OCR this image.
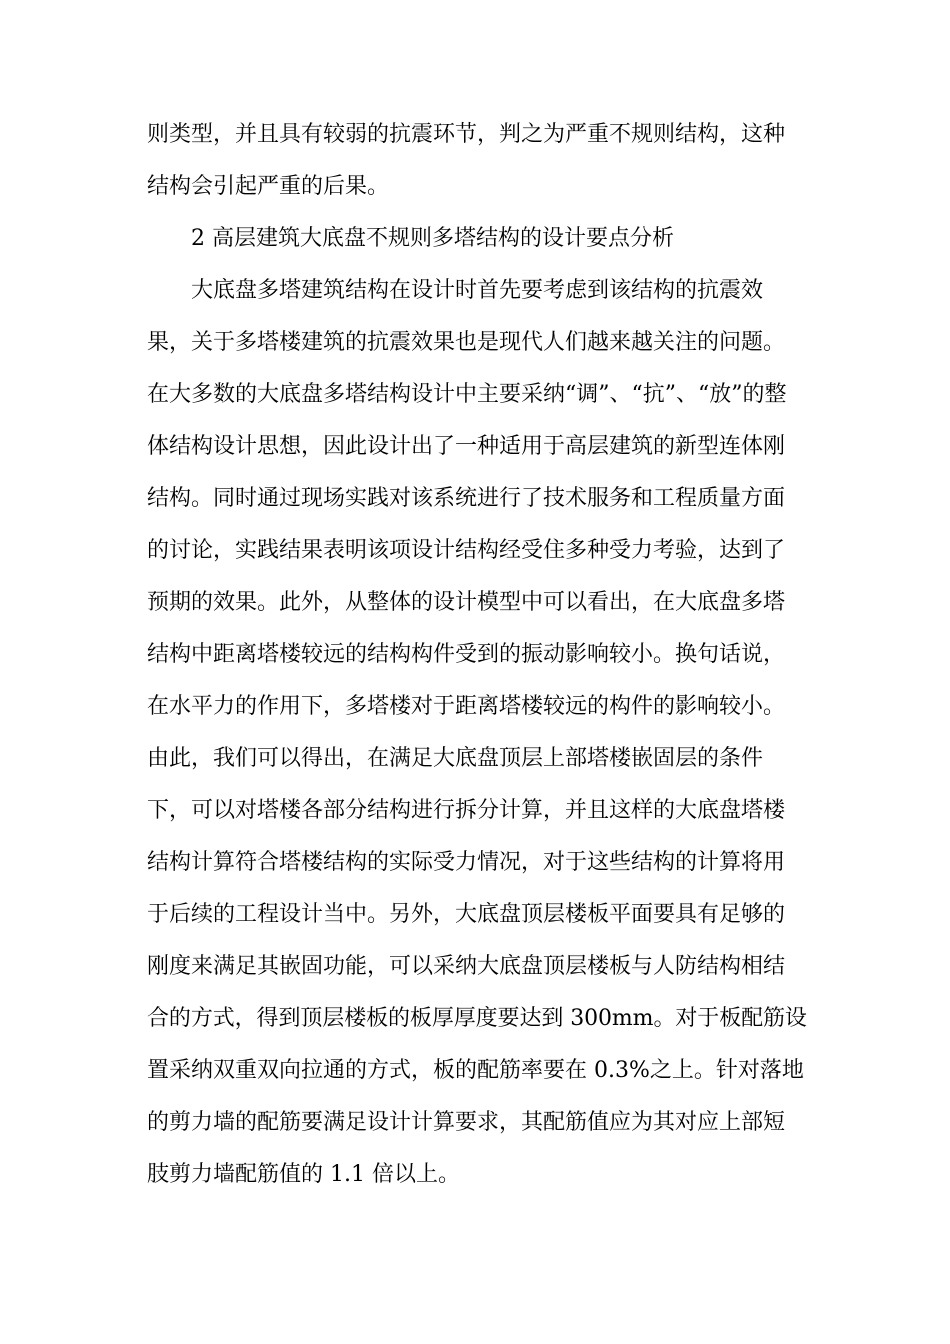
则类型，并且具有较弱的抗震环节，判之为严重不规则结构，这种
结构会引起严重的后果。
2 高层建筑大底盘不规则多塔结构的设计要点分析
大底盘多塔建筑结构在设计时首先要考虑到该结构的抗震效
果，关于多塔楼建筑的抗震效果也是现代人们越来越关注的问题。
在大多数的大底盘多塔结构设计中主要采纳“调”、“抗”、“放”的整
体结构设计思想，因此设计出了一种适用于高层建筑的新型连体刚
结构。同时通过现场实践对该系统进行了技术服务和工程质量方面
的讨论，实践结果表明该项设计结构经受住多种受力考验，达到了
预期的效果。此外，从整体的设计模型中可以看出，在大底盘多塔
结构中距离塔楼较远的结构构件受到的振动影响较小。换句话说，
在水平力的作用下，多塔楼对于距离塔楼较远的构件的影响较小。
由此，我们可以得出，在满足大底盘顶层上部塔楼嵌固层的条件
下，可以对塔楼各部分结构进行拆分计算，并且这样的大底盘塔楼
结构计算符合塔楼结构的实际受力情况，对于这些结构的计算将用
于后续的工程设计当中。另外，大底盘顶层楼板平面要具有足够的
刚度来满足其嵌固功能，可以采纳大底盘顶层楼板与人防结构相结
合的方式，得到顶层楼板的板厚厚度要达到 300mm。对于板配筋设
置采纳双重双向拉通的方式，板的配筋率要在 0.3%之上。针对落地
的剪力墙的配筋要满足设计计算要求，其配筋值应为其对应上部短
肢剪力墙配筋值的 1.1 倍以上。
